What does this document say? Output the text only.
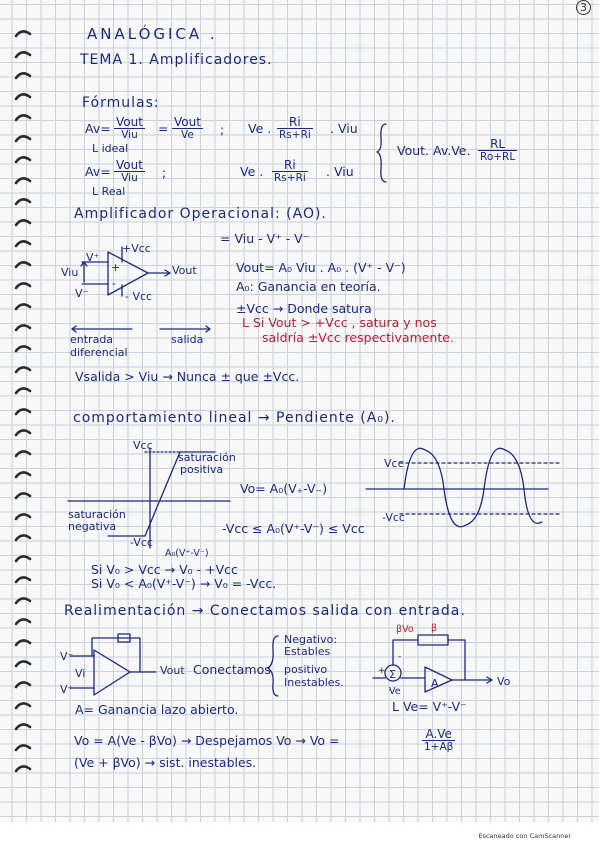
3
ANALÓGICA .
TEMA 1. Amplificadores.
Fórmulas:
Av= Vout
Viu	= Vout
Ve	;
L ideal
Ve . $\frac{Ri}{Rs+Ri}$ . Viu
Vout. Av.Ve. $\frac{RL}{Ro+RL}$
Av= Vout
Viu	;
L Real
Ve . $\frac{Ri}{Rs+Ri}$ . Viu
Amplificador Operacional: (AO).
= Viu - V⁺ - V⁻
+Vcc
V⁺
Viu	+
-
Vout
V⁻	- Vcc
Vout= A₀ Viu . A₀ . (V⁺ - V⁻)
A₀: Ganancia en teoría.
±Vcc → Donde satura
L Si Vout > +Vcc , satura y nos
saldría ±Vcc respectivamente.
entrada
diferencial
salida
Vsalida > Viu → Nunca ± que ±Vcc.
comportamiento lineal → Pendiente (A₀).
Vcc
saturación
positiva
Vo= A₀(V₊-V₋)
saturación
negativa	-Vcc ≤ A₀(V⁺-V⁻) ≤ Vcc
-Vcc
A₀(V⁺-V⁻)
Si V₀ > Vcc → V₀ - +Vcc
Si V₀ < A₀(V⁺-V⁻) → V₀ = -Vcc.
Vcc
-Vcc
Realimentación → Conectamos salida con entrada.
V⁻
Vi
V⁺
Vout Conectamos
Negativo:
Estables
positivo
Inestables.
βVo β
Σ
Ve
A	Vo
L Ve= V⁺-V⁻
A= Ganancia lazo abierto.
Vo = A(Ve - βVo) → Despejamos Vo → Vo =	$\frac{A.Ve}{1+A\beta}$
(Ve + βVo) → sist. inestables.
+
-
Escaneado con CamScanner
